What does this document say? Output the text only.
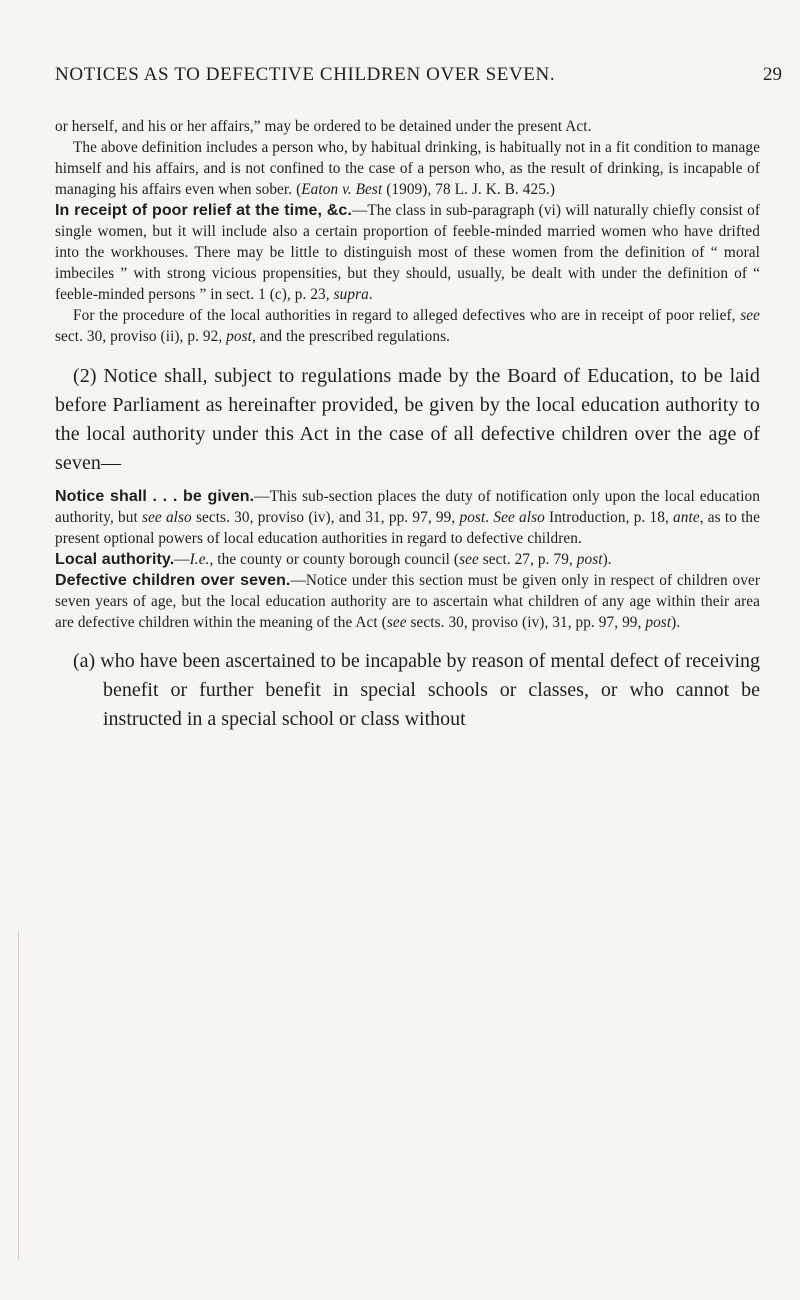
NOTICES AS TO DEFECTIVE CHILDREN OVER SEVEN.	29

or herself, and his or her affairs,” may be ordered to be detained under the present Act.

The above definition includes a person who, by habitual drinking, is habitually not in a fit condition to manage himself and his affairs, and is not confined to the case of a person who, as the result of drinking, is incapable of managing his affairs even when sober. (Eaton v. Best (1909), 78 L. J. K. B. 425.)

In receipt of poor relief at the time, &c.—The class in sub-paragraph (vi) will naturally chiefly consist of single women, but it will include also a certain proportion of feeble-minded married women who have drifted into the workhouses. There may be little to distinguish most of these women from the definition of “ moral imbeciles ” with strong vicious propensities, but they should, usually, be dealt with under the definition of “ feeble-minded persons ” in sect. 1 (c), p. 23, supra.

For the procedure of the local authorities in regard to alleged defectives who are in receipt of poor relief, see sect. 30, proviso (ii), p. 92, post, and the prescribed regulations.

(2) Notice shall, subject to regulations made by the Board of Education, to be laid before Parliament as hereinafter provided, be given by the local education authority to the local authority under this Act in the case of all defective children over the age of seven—

Notice shall . . . be given.—This sub-section places the duty of notification only upon the local education authority, but see also sects. 30, proviso (iv), and 31, pp. 97, 99, post. See also Introduction, p. 18, ante, as to the present optional powers of local education authorities in regard to defective children.

Local authority.—I.e., the county or county borough council (see sect. 27, p. 79, post).

Defective children over seven.—Notice under this section must be given only in respect of children over seven years of age, but the local education authority are to ascertain what children of any age within their area are defective children within the meaning of the Act (see sects. 30, proviso (iv), 31, pp. 97, 99, post).

(a) who have been ascertained to be incapable by reason of mental defect of receiving benefit or further benefit in special schools or classes, or who cannot be instructed in a special school or class without
